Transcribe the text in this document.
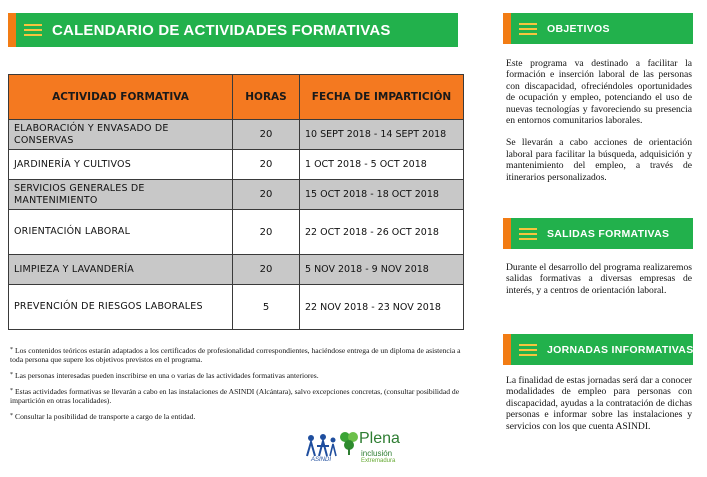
CALENDARIO DE ACTIVIDADES FORMATIVAS
ACTIVIDAD FORMATIVA	HORAS	FECHA DE IMPARTICIÓN
ELABORACIÓN Y ENVASADO DE CONSERVAS	20	10 SEPT 2018 - 14 SEPT 2018
JARDINERÍA Y CULTIVOS	20	1 OCT 2018 - 5 OCT 2018
SERVICIOS GENERALES DE MANTENIMIENTO	20	15 OCT 2018 - 18 OCT 2018
ORIENTACIÓN LABORAL	20	22 OCT 2018 - 26 OCT 2018
LIMPIEZA Y LAVANDERÍA	20	5 NOV 2018 - 9 NOV 2018
PREVENCIÓN DE RIESGOS LABORALES	5	22 NOV 2018 - 23 NOV 2018

* Los contenidos teóricos estarán adaptados a los certificados de profesionalidad correspondientes, haciéndose entrega de un diploma de asistencia a toda persona que supere los objetivos previstos en el programa.

* Las personas interesadas pueden inscribirse en una o varias de las actividades formativas anteriores.

* Estas actividades formativas se llevarán a cabo en las instalaciones de ASINDI (Alcántara), salvo excepciones concretas, (consultar posibilidad de impartición en otras localidades).

* Consultar la posibilidad de transporte a cargo de la entidad.

ASINDI
Plena
inclusión
Extremadura
OBJETIVOS

Este programa va destinado a facilitar la formación e inserción laboral de las personas con discapacidad, ofreciéndoles oportunidades de ocupación y empleo, potenciando el uso de nuevas tecnologías y favoreciendo su presencia en entornos comunitarios laborales.

Se llevarán a cabo acciones de orientación laboral para facilitar la búsqueda, adquisición y mantenimiento del empleo, a través de itinerarios personalizados.

SALIDAS FORMATIVAS

Durante el desarrollo del programa realizaremos salidas formativas a diversas empresas de interés, y a centros de orientación laboral.

JORNADAS INFORMATIVAS

La finalidad de estas jornadas será dar a conocer modalidades de empleo para personas con discapacidad, ayudas a la contratación de dichas personas e informar sobre las instalaciones y servicios con los que cuenta ASINDI.
